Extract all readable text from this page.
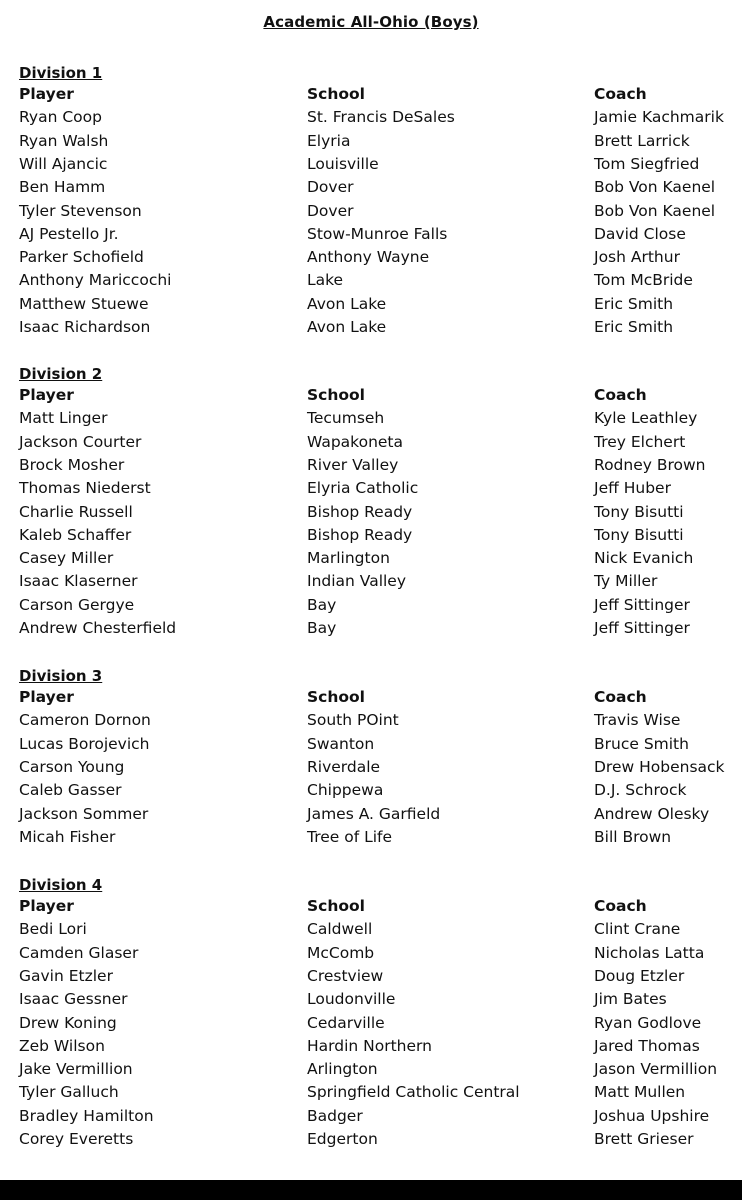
Academic All-Ohio (Boys)
Division 1
Player	School	Coach
Ryan Coop	St. Francis DeSales	Jamie Kachmarik
Ryan Walsh	Elyria	Brett Larrick
Will Ajancic	Louisville	Tom Siegfried
Ben Hamm	Dover	Bob Von Kaenel
Tyler Stevenson	Dover	Bob Von Kaenel
AJ Pestello Jr.	Stow-Munroe Falls	David Close
Parker Schofield	Anthony Wayne	Josh Arthur
Anthony Mariccochi	Lake	Tom McBride
Matthew Stuewe	Avon Lake	Eric Smith
Isaac Richardson	Avon Lake	Eric Smith
Division 2
Player	School	Coach
Matt Linger	Tecumseh	Kyle Leathley
Jackson Courter	Wapakoneta	Trey Elchert
Brock Mosher	River Valley	Rodney Brown
Thomas Niederst	Elyria Catholic	Jeff Huber
Charlie Russell	Bishop Ready	Tony Bisutti
Kaleb Schaffer	Bishop Ready	Tony Bisutti
Casey Miller	Marlington	Nick Evanich
Isaac Klaserner	Indian Valley	Ty Miller
Carson Gergye	Bay	Jeff Sittinger
Andrew Chesterfield	Bay	Jeff Sittinger
Division 3
Player	School	Coach
Cameron Dornon	South POint	Travis Wise
Lucas Borojevich	Swanton	Bruce Smith
Carson Young	Riverdale	Drew Hobensack
Caleb Gasser	Chippewa	D.J. Schrock
Jackson Sommer	James A. Garfield	Andrew Olesky
Micah Fisher	Tree of Life	Bill Brown
Division 4
Player	School	Coach
Bedi Lori	Caldwell	Clint Crane
Camden Glaser	McComb	Nicholas Latta
Gavin Etzler	Crestview	Doug Etzler
Isaac Gessner	Loudonville	Jim Bates
Drew Koning	Cedarville	Ryan Godlove
Zeb Wilson	Hardin Northern	Jared Thomas
Jake Vermillion	Arlington	Jason Vermillion
Tyler Galluch	Springfield Catholic Central	Matt Mullen
Bradley Hamilton	Badger	Joshua Upshire
Corey Everetts	Edgerton	Brett Grieser
